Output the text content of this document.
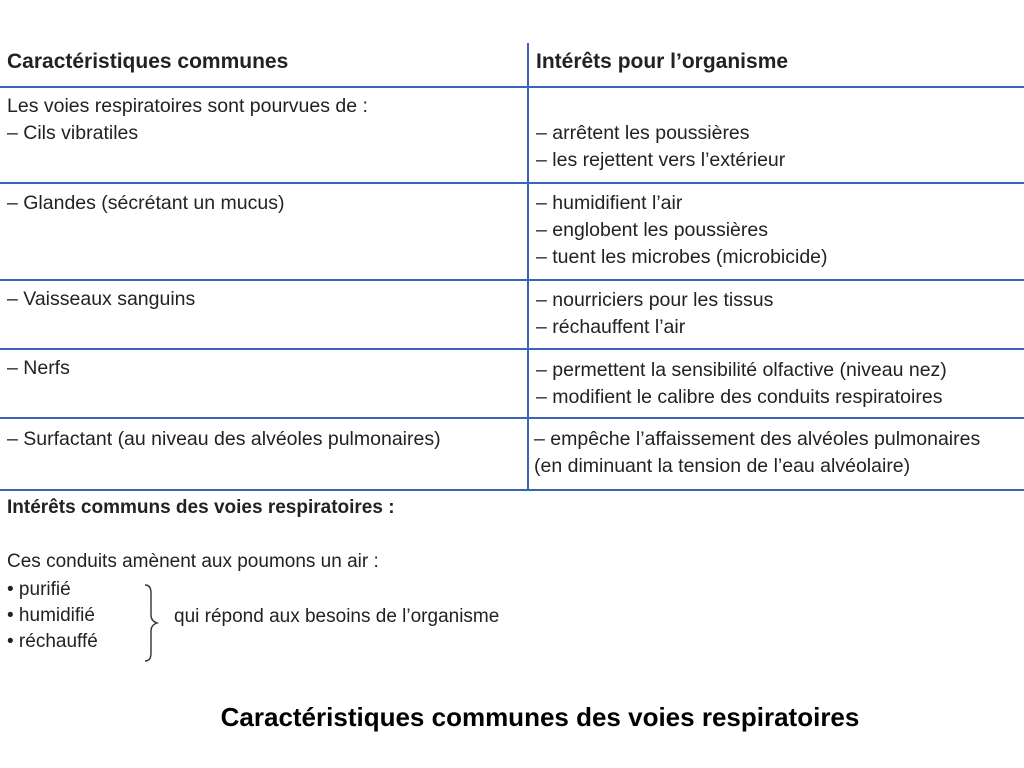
Caractéristiques communes	Intérêts pour l’organisme
Les voies respiratoires sont pourvues de :
– Cils vibratiles	– arrêtent les poussières
– les rejettent vers l’extérieur
– Glandes (sécrétant un mucus)	– humidifient l’air
– englobent les poussières
– tuent les microbes (microbicide)
– Vaisseaux sanguins	– nourriciers pour les tissus
– réchauffent l’air
– Nerfs	– permettent la sensibilité olfactive (niveau nez)
– modifient le calibre des conduits respiratoires
– Surfactant (au niveau des alvéoles pulmonaires)	– empêche l’affaissement des alvéoles pulmonaires
(en diminuant la tension de l’eau alvéolaire)
Intérêts communs des voies respiratoires :
Ces conduits amènent aux poumons un air :
• purifié
• humidifié
• réchauffé
qui répond aux besoins de l’organisme
Caractéristiques communes des voies respiratoires
